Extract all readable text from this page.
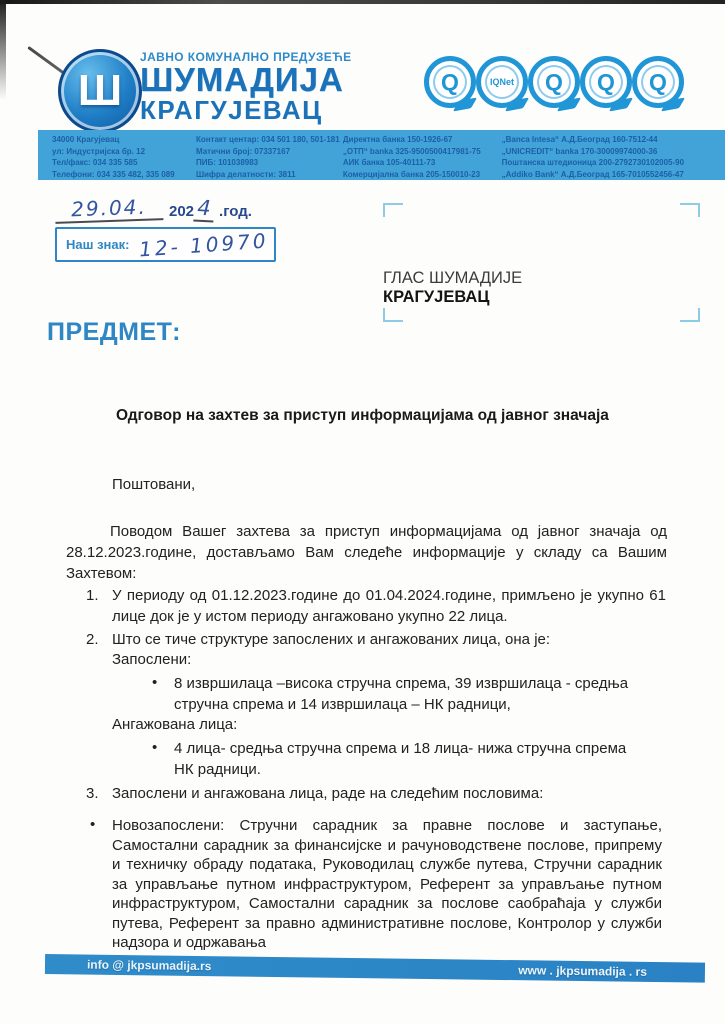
Ш
ЈАВНО КОМУНАЛНО ПРЕДУЗЕЋЕ
ШУМАДИЈА
КРАГУЈЕВАЦ
Q	IQNet	Q	Q	Q
34000 Крагујевац
ул: Индустријска бр. 12
Тел/факс: 034 335 585
Телефони: 034 335 482, 335 089
Контакт центар: 034 501 180, 501-181
Матични број: 07337167
ПИБ: 101038983
Шифра делатности: 3811
Директна банка 150-1926-67
„ОТП“ banka 325-9500500417981-75
АИК банка 105-40111-73
Комерцијална банка 205-150010-23
„Banca Intesa“ А.Д.Београд 160-7512-44
„UNICREDIT“ banka 170-30009974000-36
Поштанска штедионица 200-2792730102005-90
„Addiko Bank“ А.Д.Београд 165-7010552456-47
29.04.	202 4 .год.
Наш знак: 12- 10970
ГЛАС ШУМАДИЈЕ
КРАГУЈЕВАЦ
ПРЕДМЕТ:
Одговор на захтев за приступ информацијама од јавног значаја
Поштовани,

Поводом Вашег захтева за приступ информацијама од јавног значаја од 28.12.2023.године, достављамо Вам следеће информације у складу са Вашим Захтевом:

1. У периоду од 01.12.2023.године до 01.04.2024.године, примљено је укупно 61 лице док је у истом периоду ангажовано укупно 22 лица.
2. Што се тиче структуре запослених и ангажованих лица, она је:
Запослени:
• 8 извршилаца –висока стручна спрема, 39 извршилаца - средња стручна спрема и 14 извршилаца – НК радници,
Ангажована лица:
• 4 лица- средња стручна спрема и 18 лица- нижа стручна спрема НК радници.
3. Запослени и ангажована лица, раде на следећим пословима:
• Новозапослени: Стручни сарадник за правне послове и заступање, Самостални сарадник за финансијске и рачуноводствене послове, припрему и техничку обраду података, Руководилац службе путева, Стручни сарадник за управљање путном инфраструктуром, Референт за управљање путном инфраструктуром, Самостални сарадник за послове саобраћаја у служби путева, Референт за правно административне послове, Контролор у служби надзора и одржавања
info @ jkpsumadija.rs	www . jkpsumadija . rs
